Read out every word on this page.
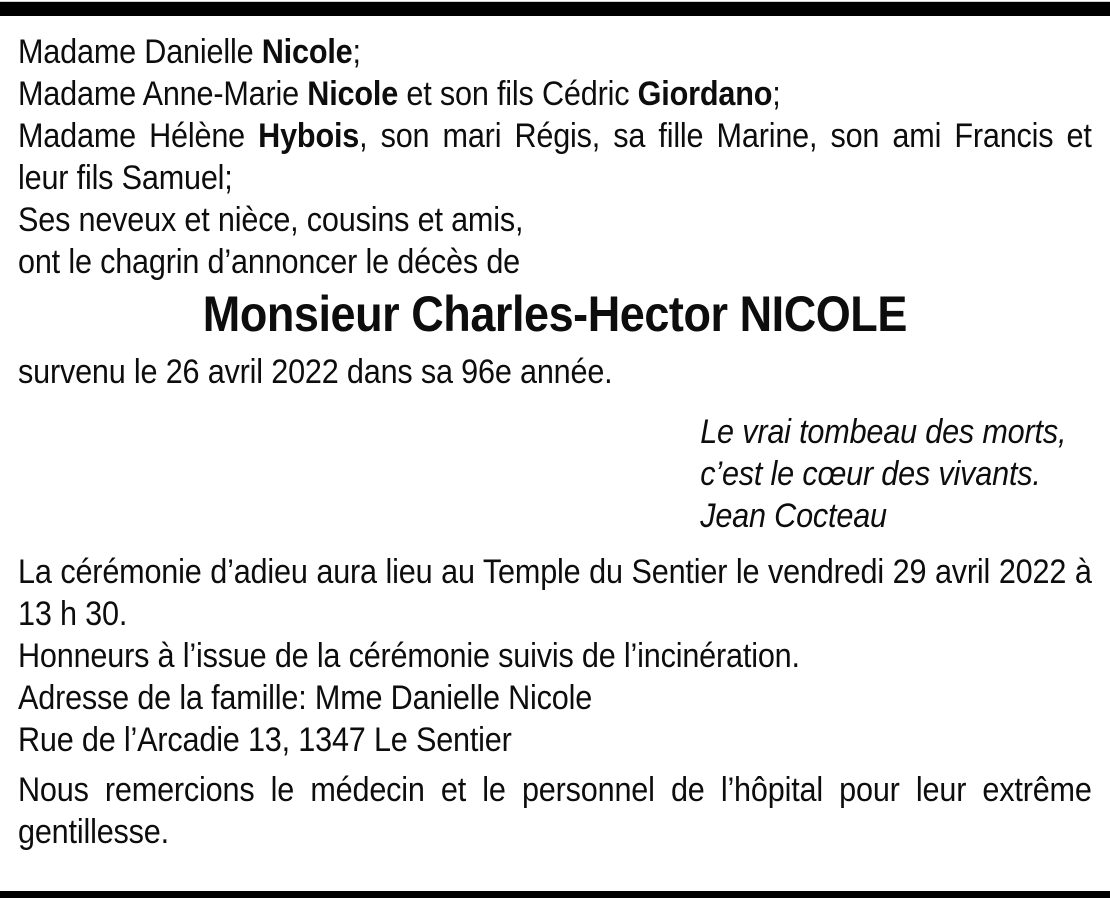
Madame Danielle Nicole;

Madame Anne-Marie Nicole et son fils Cédric Giordano;

Madame Hélène Hybois, son mari Régis, sa fille Marine, son ami Francis et leur fils Samuel;

Ses neveux et nièce, cousins et amis,

ont le chagrin d’annoncer le décès de

Monsieur Charles-Hector NICOLE

survenu le 26 avril 2022 dans sa 96e année.

Le vrai tombeau des morts,
c’est le cœur des vivants.
Jean Cocteau

La cérémonie d’adieu aura lieu au Temple du Sentier le vendredi 29 avril 2022 à 13 h 30.

Honneurs à l’issue de la cérémonie suivis de l’incinération.

Adresse de la famille: Mme Danielle Nicole

Rue de l’Arcadie 13, 1347 Le Sentier

Nous remercions le médecin et le personnel de l’hôpital pour leur extrême gentillesse.
